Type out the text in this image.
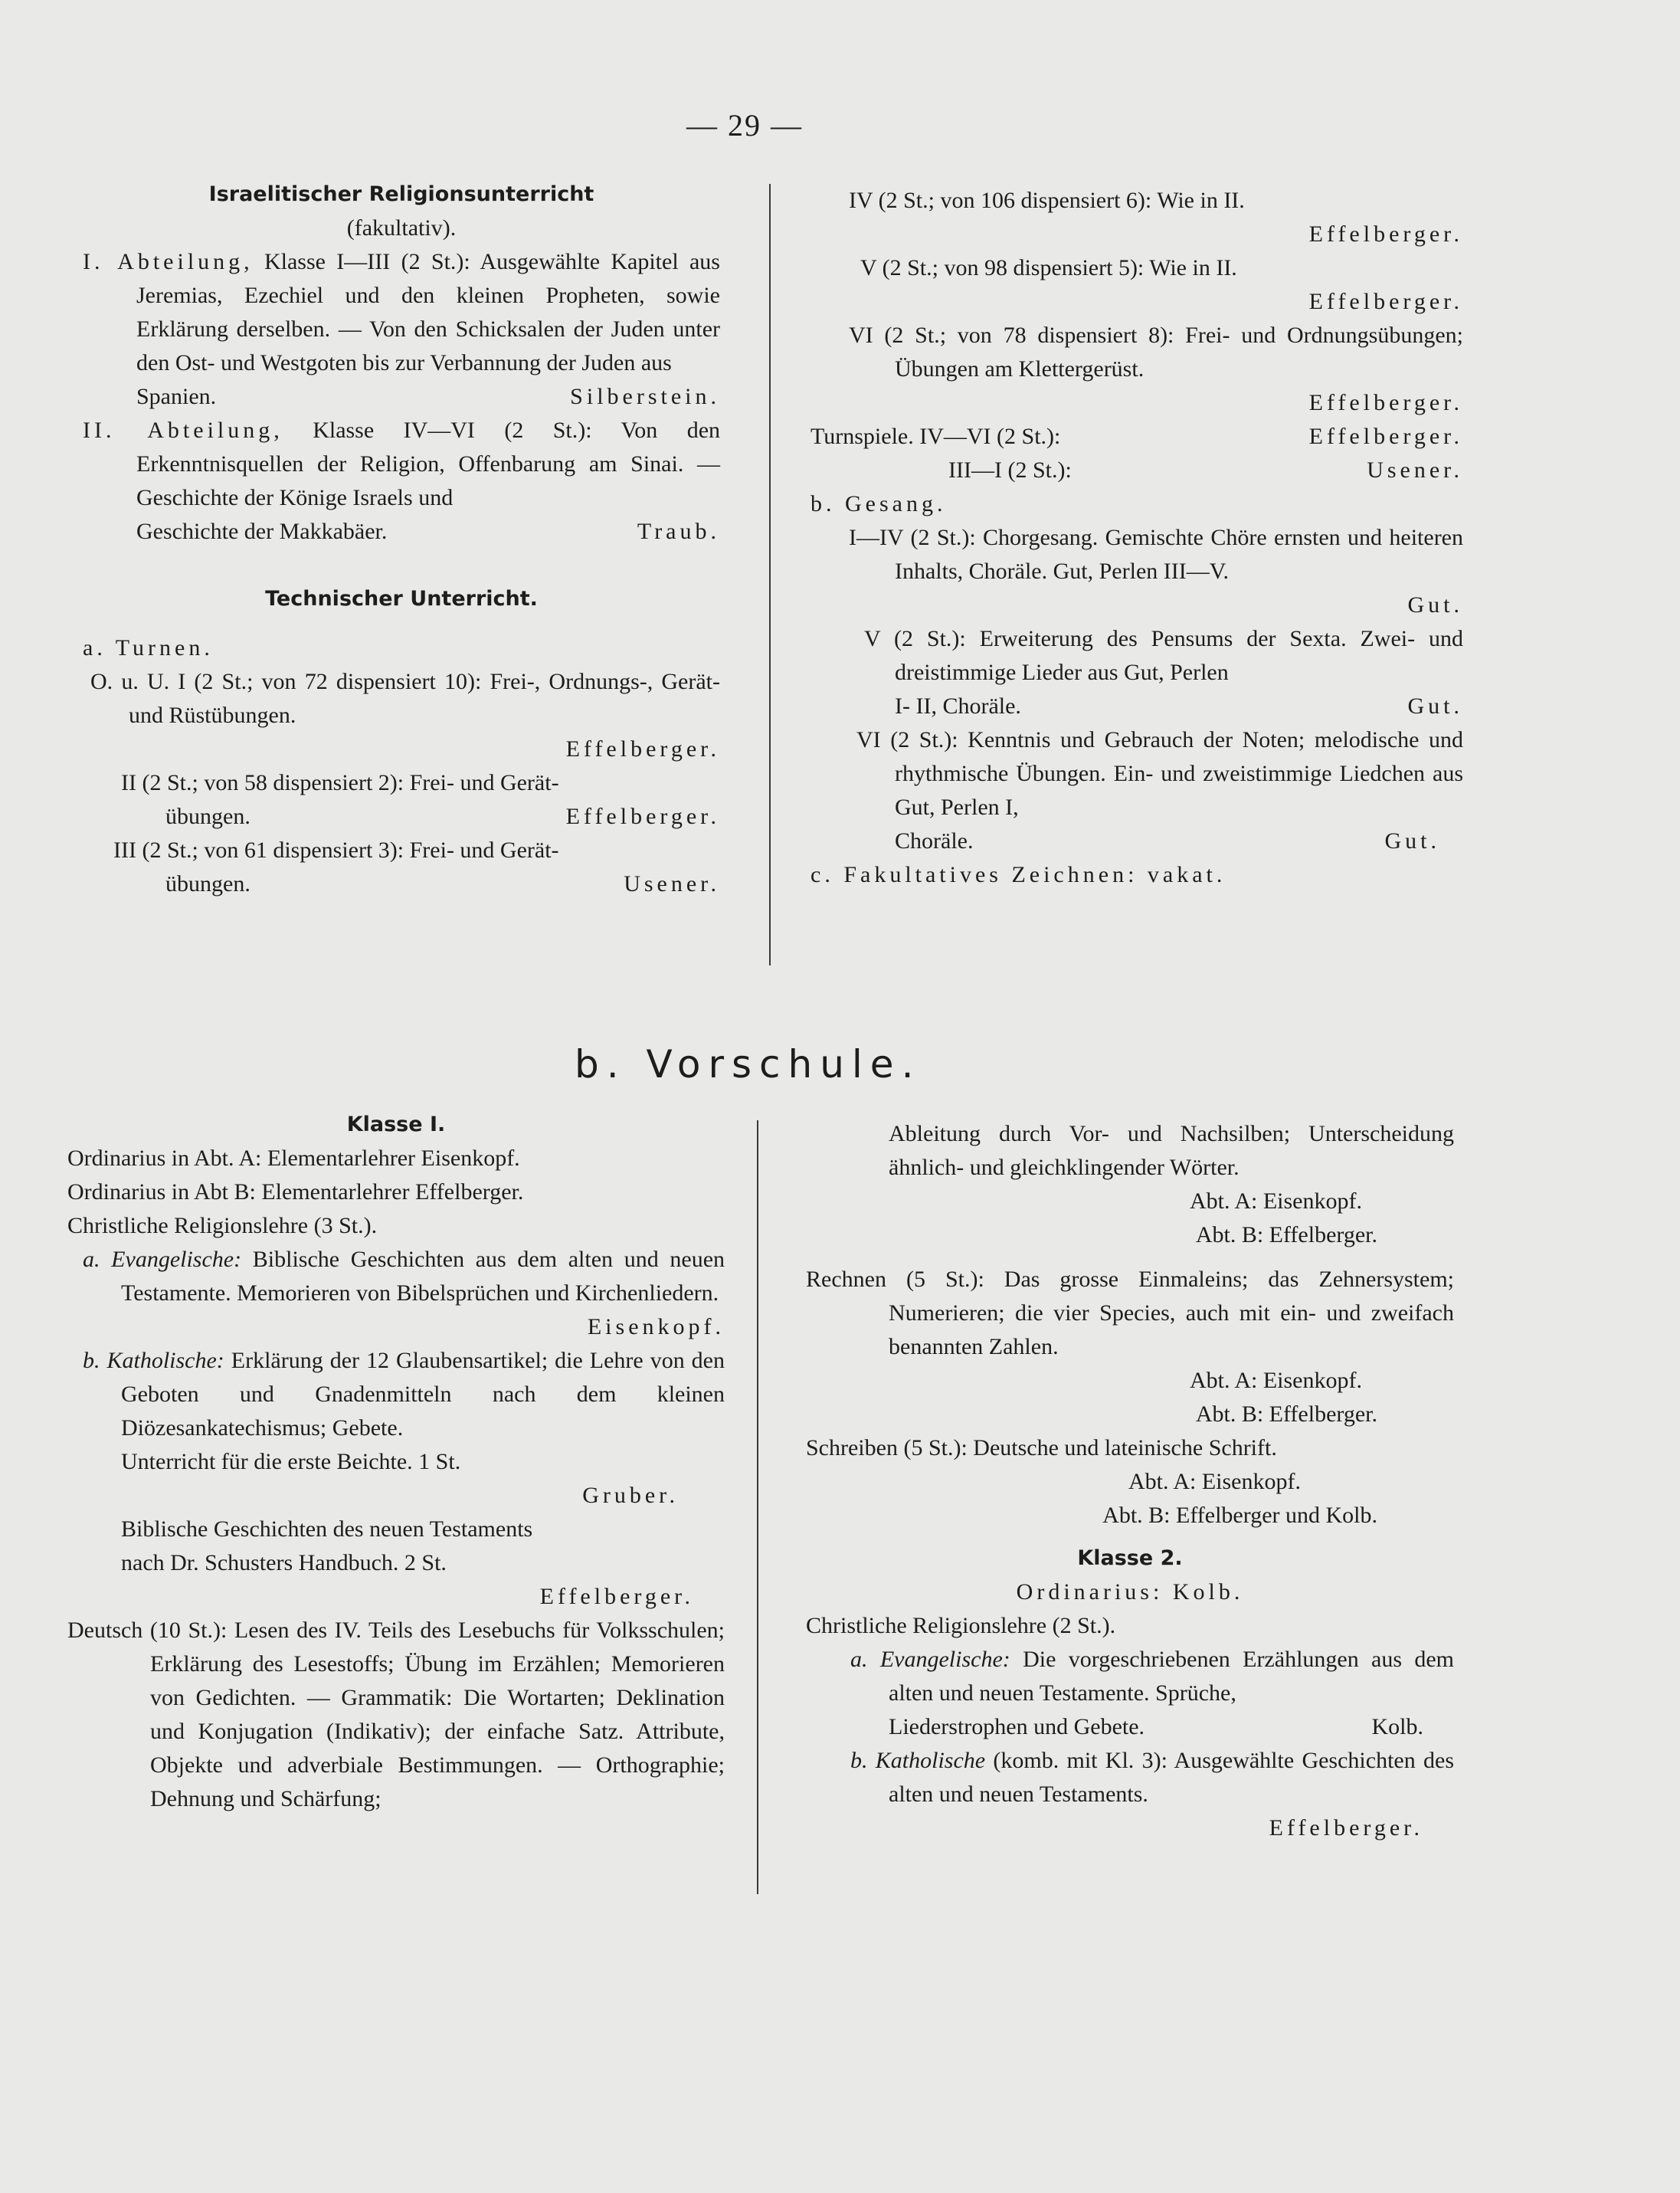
— 29 —

Israelitischer Religionsunterricht

(fakultativ).

I. Abteilung, Klasse I—III (2 St.): Ausgewählte Kapitel aus Jeremias, Ezechiel und den kleinen Propheten, sowie Erklärung derselben. — Von den Schicksalen der Juden unter den Ost- und Westgoten bis zur Verbannung der Juden aus

Spanien.	Silberstein.

II. Abteilung, Klasse IV—VI (2 St.): Von den Erkenntnisquellen der Religion, Offenbarung am Sinai. — Geschichte der Könige Israels und

Geschichte der Makkabäer.	Traub.

Technischer Unterricht.

a. Turnen.

O. u. U. I (2 St.; von 72 dispensiert 10): Frei-, Ordnungs-, Gerät- und Rüstübungen.

Effelberger.

II (2 St.; von 58 dispensiert 2): Frei- und Gerät-

übungen.	Effelberger.

III (2 St.; von 61 dispensiert 3): Frei- und Gerät-

übungen.	Usener.

IV (2 St.; von 106 dispensiert 6): Wie in II.

Effelberger.

V (2 St.; von 98 dispensiert 5): Wie in II.

Effelberger.

VI (2 St.; von 78 dispensiert 8): Frei- und Ordnungsübungen; Übungen am Klettergerüst.

Effelberger.
Turnspiele. IV—VI (2 St.):	Effelberger.
III—I (2 St.):	Usener.

b. Gesang.

I—IV (2 St.): Chorgesang. Gemischte Chöre ernsten und heiteren Inhalts, Choräle. Gut, Perlen III—V.

Gut.

V (2 St.): Erweiterung des Pensums der Sexta. Zwei- und dreistimmige Lieder aus Gut, Perlen

I- II, Choräle.	Gut.

VI (2 St.): Kenntnis und Gebrauch der Noten; melodische und rhythmische Übungen. Ein- und zweistimmige Liedchen aus Gut, Perlen I,

Choräle.	Gut.

c. Fakultatives Zeichnen: vakat.

b. Vorschule.

Klasse I.

Ordinarius in Abt. A: Elementarlehrer Eisenkopf.

Ordinarius in Abt B: Elementarlehrer Effelberger.

Christliche Religionslehre (3 St.).

a. Evangelische: Biblische Geschichten aus dem alten und neuen Testamente. Memorieren von Bibelsprüchen und Kirchenliedern.

Eisenkopf.

b. Katholische: Erklärung der 12 Glaubensartikel; die Lehre von den Geboten und Gnadenmitteln nach dem kleinen Diözesankatechismus; Gebete.

Unterricht für die erste Beichte. 1 St.

Gruber.

Biblische Geschichten des neuen Testaments

nach Dr. Schusters Handbuch. 2 St.

Effelberger.

Deutsch (10 St.): Lesen des IV. Teils des Lesebuchs für Volksschulen; Erklärung des Lesestoffs; Übung im Erzählen; Memorieren von Gedichten. — Grammatik: Die Wortarten; Deklination und Konjugation (Indikativ); der einfache Satz. Attribute, Objekte und adverbiale Bestimmungen. — Orthographie; Dehnung und Schärfung;

Ableitung durch Vor- und Nachsilben; Unterscheidung ähnlich- und gleichklingender Wörter.

Abt. A: Eisenkopf.

Abt. B: Effelberger.

Rechnen (5 St.): Das grosse Einmaleins; das Zehnersystem; Numerieren; die vier Species, auch mit ein- und zweifach benannten Zahlen.

Abt. A: Eisenkopf.

Abt. B: Effelberger.

Schreiben (5 St.): Deutsche und lateinische Schrift.

Abt. A: Eisenkopf.

Abt. B: Effelberger und Kolb.

Klasse 2.

Ordinarius: Kolb.

Christliche Religionslehre (2 St.).

a. Evangelische: Die vorgeschriebenen Erzählungen aus dem alten und neuen Testamente. Sprüche,

Liederstrophen und Gebete.	Kolb.

b. Katholische (komb. mit Kl. 3): Ausgewählte Geschichten des alten und neuen Testaments.

Effelberger.
